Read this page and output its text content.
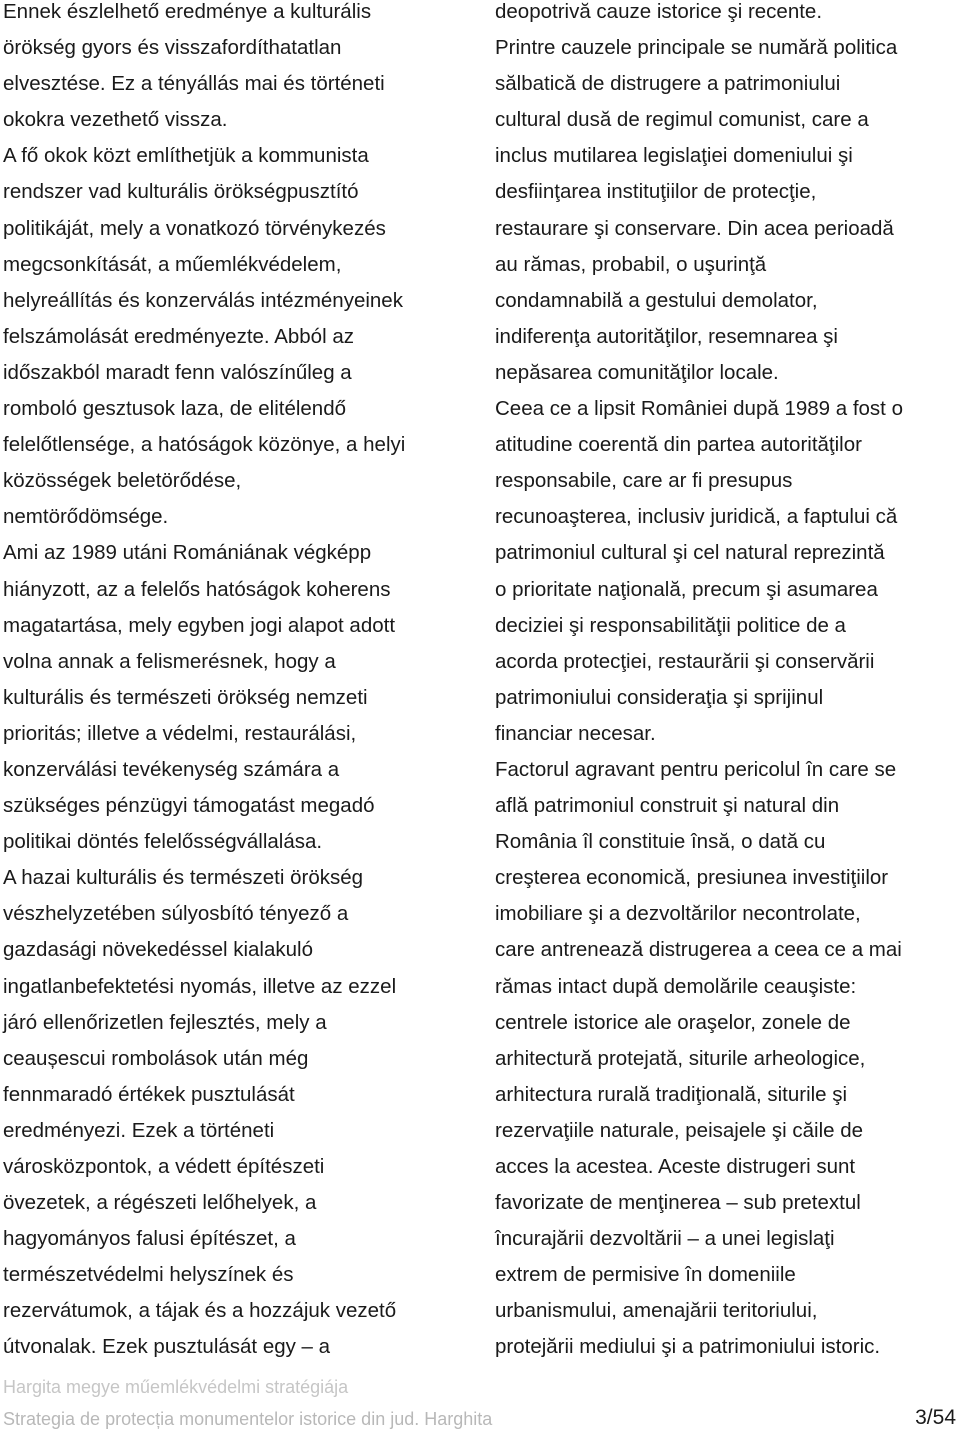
Ennek észlelhető eredménye a kulturális
örökség gyors és visszafordíthatatlan
elvesztése. Ez a tényállás mai és történeti
okokra vezethető vissza.
A fő okok közt említhetjük a kommunista
rendszer vad kulturális örökségpusztító
politikáját, mely a vonatkozó törvénykezés
megcsonkítását, a műemlékvédelem,
helyreállítás és konzerválás intézményeinek
felszámolását eredményezte. Abból az
időszakból maradt fenn valószínűleg a
romboló gesztusok laza, de elitélendő
felelőtlensége, a hatóságok közönye, a helyi
közösségek beletörődése,
nemtörődömsége.
Ami az 1989 utáni Romániának végképp
hiányzott, az a felelős hatóságok koherens
magatartása, mely egyben jogi alapot adott
volna annak a felismerésnek, hogy a
kulturális és természeti örökség nemzeti
prioritás; illetve a védelmi, restaurálási,
konzerválási tevékenység számára a
szükséges pénzügyi támogatást megadó
politikai döntés felelősségvállalása.
A hazai kulturális és természeti örökség
vészhelyzetében súlyosbító tényező a
gazdasági növekedéssel kialakuló
ingatlanbefektetési nyomás, illetve az ezzel
járó ellenőrizetlen fejlesztés, mely a
ceaușescui rombolások után még
fennmaradó értékek pusztulását
eredményezi. Ezek a történeti
városközpontok, a védett építészeti
övezetek, a régészeti lelőhelyek, a
hagyományos falusi építészet, a
természetvédelmi helyszínek és
rezervátumok, a tájak és a hozzájuk vezető
útvonalak. Ezek pusztulását egy – a
deopotrivă cauze istorice şi recente.
Printre cauzele principale se numără politica
sălbatică de distrugere a patrimoniului
cultural dusă de regimul comunist, care a
inclus mutilarea legislaţiei domeniului şi
desfiinţarea instituţiilor de protecţie,
restaurare şi conservare. Din acea perioadă
au rămas, probabil, o uşurinţă
condamnabilă a gestului demolator,
indiferenţa autorităţilor, resemnarea şi
nepăsarea comunităţilor locale.
Ceea ce a lipsit României după 1989 a fost o
atitudine coerentă din partea autorităţilor
responsabile, care ar fi presupus
recunoaşterea, inclusiv juridică, a faptului că
patrimoniul cultural şi cel natural reprezintă
o prioritate naţională, precum şi asumarea
deciziei şi responsabilităţii politice de a
acorda protecţiei, restaurării şi conservării
patrimoniului consideraţia şi sprijinul
financiar necesar.
Factorul agravant pentru pericolul în care se
află patrimoniul construit şi natural din
România îl constituie însă, o dată cu
creşterea economică, presiunea investiţiilor
imobiliare şi a dezvoltărilor necontrolate,
care antrenează distrugerea a ceea ce a mai
rămas intact după demolările ceauşiste:
centrele istorice ale oraşelor, zonele de
arhitectură protejată, siturile arheologice,
arhitectura rurală tradiţională, siturile şi
rezervaţiile naturale, peisajele şi căile de
acces la acestea. Aceste distrugeri sunt
favorizate de menţinerea – sub pretextul
încurajării dezvoltării – a unei legislaţi
extrem de permisive în domeniile
urbanismului, amenajării teritoriului,
protejării mediului şi a patrimoniului istoric.
Hargita megye műemlékvédelmi stratégiája
Strategia de protecția monumentelor istorice din jud. Harghita	3/54
